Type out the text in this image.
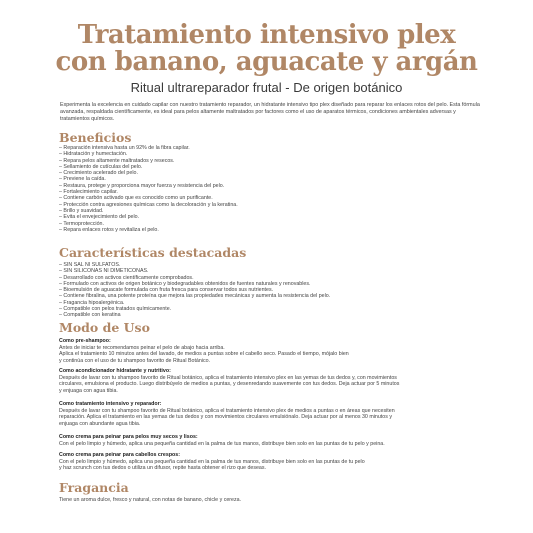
Tratamiento intensivo plex
con banano, aguacate y argán
Ritual ultrareparador frutal - De origen botánico
Experimenta la excelencia en cuidado capilar con nuestro tratamiento reparador, un hidratante intensivo tipo plex diseñado para reparar los enlaces rotos del pelo. Esta fórmula avanzada, respaldada científicamente, es ideal para pelos altamente maltratados por factores como el uso de aparatos térmicos, condiciones ambientales adversas y tratamientos químicos.
Beneficios
– Reparación intensiva hasta un 92% de la fibra capilar.
– Hidratación y humectación.
– Repara pelos altamente maltratados y resecos.
– Sellamiento de cutículas del pelo.
– Crecimiento acelerado del pelo.
– Previene la caída.
– Restaura, protege y proporciona mayor fuerza y resistencia del pelo.
– Fortalecimiento capilar.
– Contiene carbón activado que es conocido como un purificante.
– Protección contra agresiones químicas como la decoloración y la keratina.
– Brillo y suavidad.
– Evita el envejecimiento del pelo.
– Termoprotección.
– Repara enlaces rotos y revitaliza el pelo.
Características destacadas
– SIN SAL NI SULFATOS.
– SIN SILICONAS NI DIMETICONAS.
– Desarrollado con activos científicamente comprobados.
– Formulado con activos de origen botánico y biodegradables obtenidos de fuentes naturales y renovables.
– Bioemulsión de aguacate formulada con fruta fresca para conservar todos sus nutrientes.
– Contiene fibralina, una potente proteína que mejora las propiedades mecánicas y aumenta la resistencia del pelo.
– Fragancia hipoalergénica.
– Compatible con pelos tratados químicamente.
– Compatible con keratina
Modo de Uso

Como pre-shampoo:

Antes de iniciar te recomendamos peinar el pelo de abajo hacia arriba.

Aplica el tratamiento 10 minutos antes del lavado, de medios a puntas sobre el cabello seco. Pasado el tiempo, mójalo bien

y continúa con el uso de tu shampoo favorito de Ritual Botánico.

Como acondicionador hidratante y nutritivo:

Después de lavar con tu shampoo favorito de Ritual botánico, aplica el tratamiento intensivo plex en las yemas de tus dedos y, con movimientos

circulares, emulsiona el producto. Luego distribúyelo de medios a puntas, y desenredando suavemente con tus dedos. Deja actuar por 5 minutos

y enjuaga con agua tibia.

Como tratamiento intensivo y reparador:

Después de lavar con tu shampoo favorito de Ritual botánico, aplica el tratamiento intensivo plex de medios a puntas o en áreas que necesiten

reparación. Aplica el tratamiento en las yemas de tus dedos y con movimientos circulares emulsiónalo. Deja actuar por al menos 30 minutos y

enjuaga con abundante agua tibia.

Como crema para peinar para pelos muy secos y lisos:

Con el pelo limpio y húmedo, aplica una pequeña cantidad en la palma de tus manos, distribuye bien solo en las puntas de tu pelo y peina.

Como crema para peinar para cabellos crespos:

Con el pelo limpio y húmedo, aplica una pequeña cantidad en la palma de tus manos, distribuye bien solo en las puntas de tu pelo

y haz scrunch con tus dedos o utiliza un difusor, repite hasta obtener el rizo que deseas.

Fragancia
Tiene un aroma dulce, fresco y natural, con notas de banano, chicle y cereza.
